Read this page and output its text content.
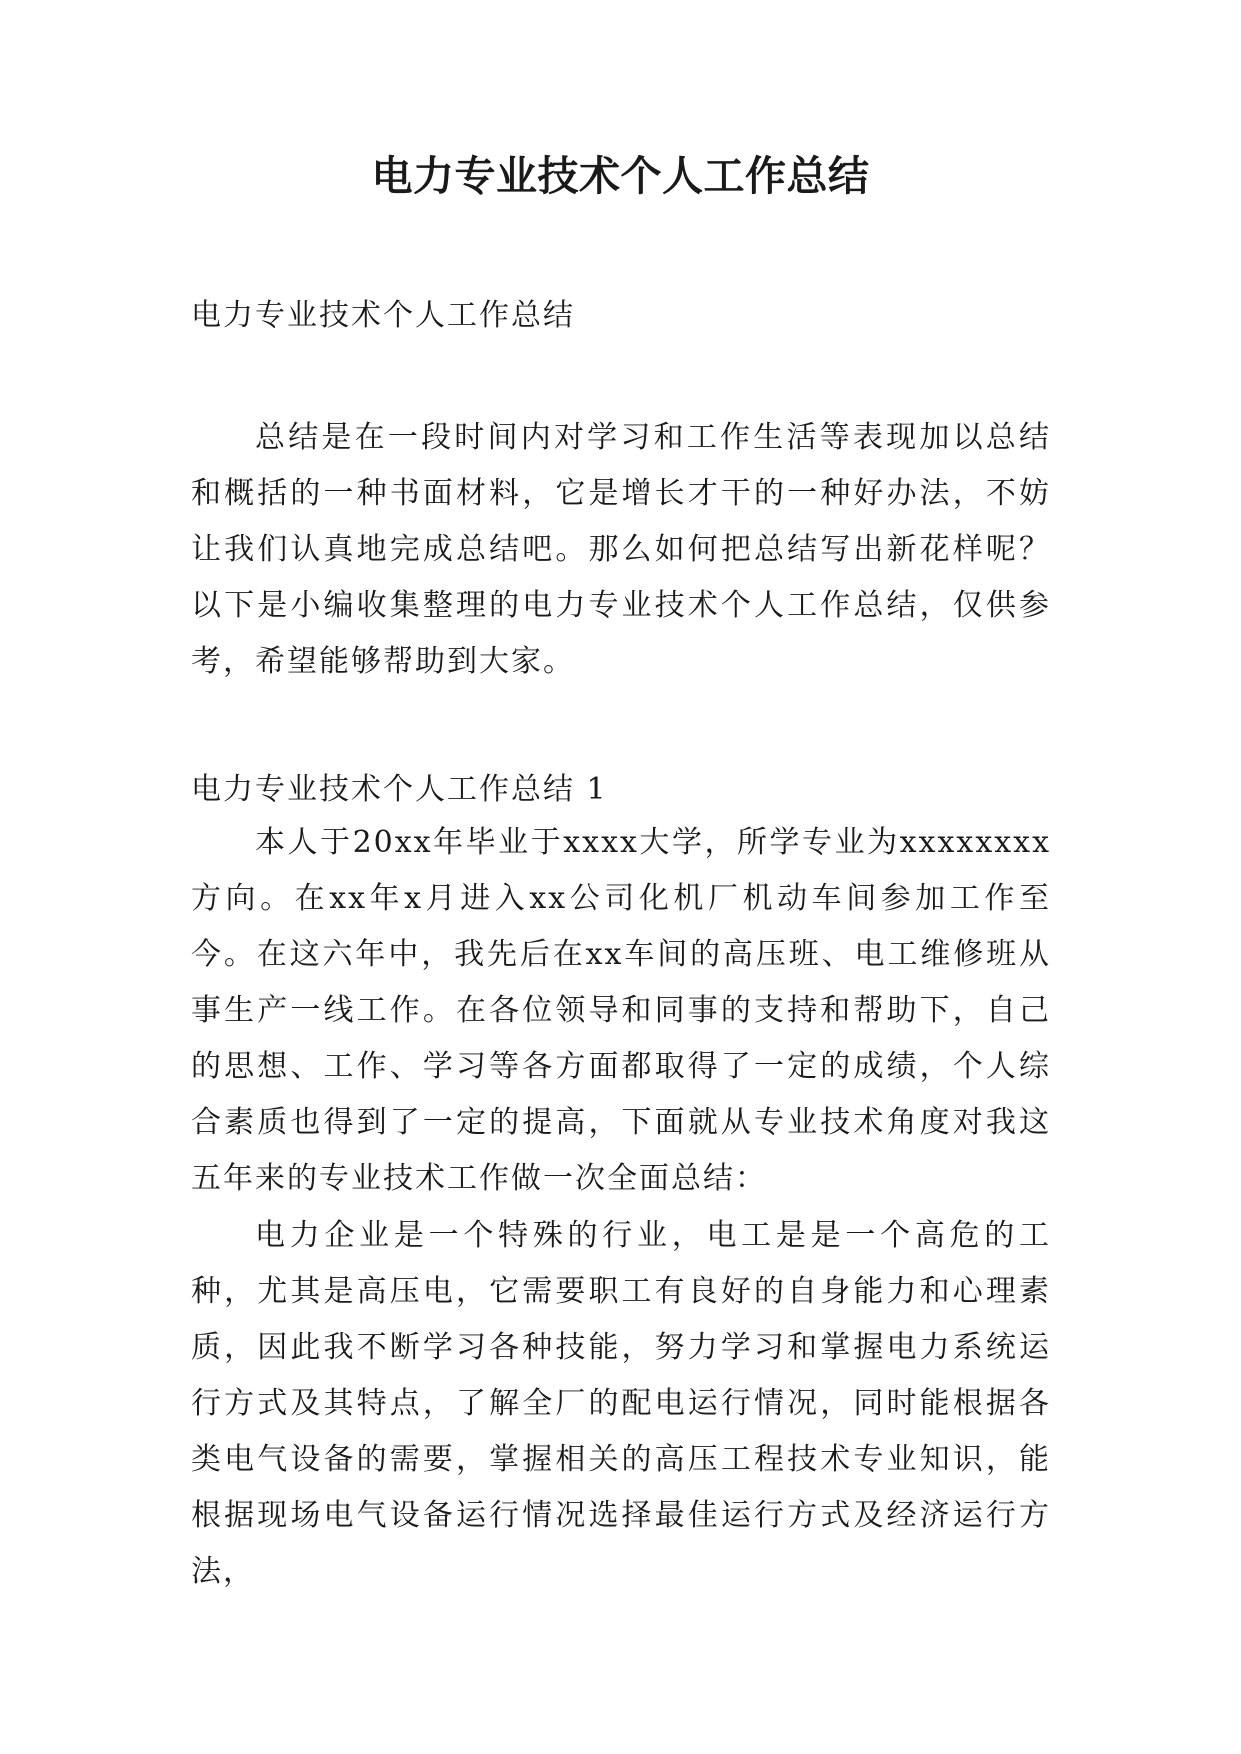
电力专业技术个人工作总结

电力专业技术个人工作总结

总结是在一段时间内对学习和工作生活等表现加以总结和概括的一种书面材料，它是增长才干的一种好办法，不妨让我们认真地完成总结吧。那么如何把总结写出新花样呢？以下是小编收集整理的电力专业技术个人工作总结，仅供参考，希望能够帮助到大家。

电力专业技术个人工作总结 1

本人于20xx年毕业于xxxx大学，所学专业为xxxxxxxx方向。在xx年x月进入xx公司化机厂机动车间参加工作至今。在这六年中，我先后在xx车间的高压班、电工维修班从事生产一线工作。在各位领导和同事的支持和帮助下，自己的思想、工作、学习等各方面都取得了一定的成绩，个人综合素质也得到了一定的提高，下面就从专业技术角度对我这五年来的专业技术工作做一次全面总结：

电力企业是一个特殊的行业，电工是是一个高危的工种，尤其是高压电，它需要职工有良好的自身能力和心理素质，因此我不断学习各种技能，努力学习和掌握电力系统运行方式及其特点，了解全厂的配电运行情况，同时能根据各类电气设备的需要，掌握相关的高压工程技术专业知识，能根据现场电气设备运行情况选择最佳运行方式及经济运行方法，
